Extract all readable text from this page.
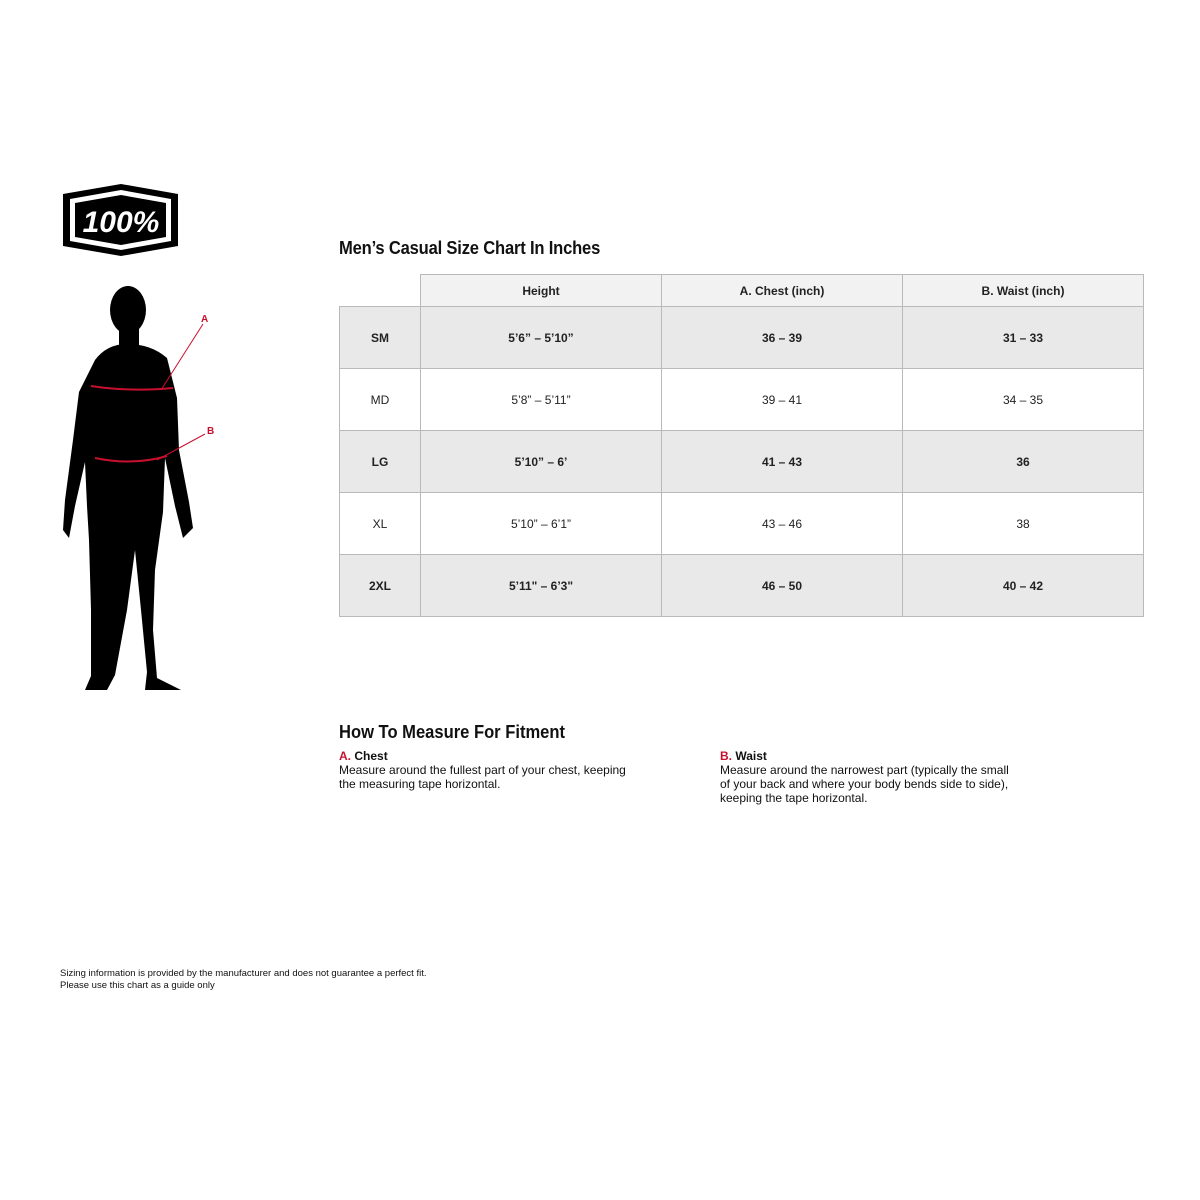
100%
A
B
Men’s Casual Size Chart In Inches
	Height	A. Chest (inch)	B. Waist (inch)
SM	5’6” – 5’10”	36 – 39	31 – 33
MD	5’8” – 5’11”	39 – 41	34 – 35
LG	5’10” – 6’	41 – 43	36
XL	5’10” – 6’1”	43 – 46	38
2XL	5’11" – 6’3"	46 – 50	40 – 42
How To Measure For Fitment
A. Chest
Measure around the fullest part of your chest, keeping the measuring tape horizontal.
B. Waist
Measure around the narrowest part (typically the small of your back and where your body bends side to side), keeping the tape horizontal.
Sizing information is provided by the manufacturer and does not guarantee a perfect fit.
Please use this chart as a guide only
